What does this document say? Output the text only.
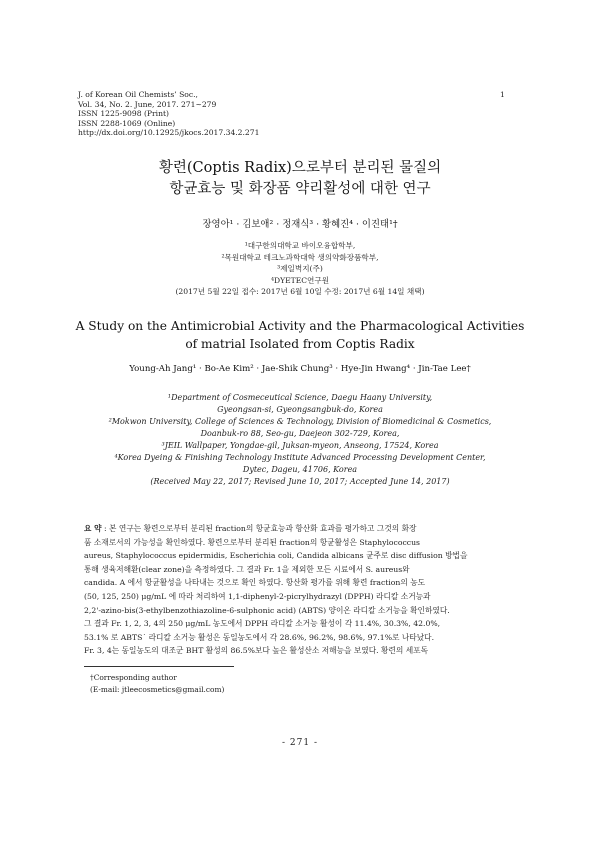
J. of Korean Oil Chemists’ Soc.,
Vol. 34, No. 2. June, 2017. 271~279
ISSN 1225-9098 (Print)
ISSN 2288-1069 (Online)
http://dx.doi.org/10.12925/jkocs.2017.34.2.271
1
황련(Coptis Radix)으로부터 분리된 물질의
항균효능 및 화장품 약리활성에 대한 연구
장영아¹ · 김보애² · 정재식³ · 황혜진⁴ · 이진태¹†
¹대구한의대학교 바이오융합학부,
²목원대학교 테크노과학대학 생의약화장품학부,
³제일벽지(주)
⁴DYETEC연구원
(2017년 5월 22일 접수: 2017년 6월 10일 수정: 2017년 6월 14일 채택)
A Study on the Antimicrobial Activity and the Pharmacological Activities
of matrial Isolated from Coptis Radix
Young-Ah Jang¹ · Bo-Ae Kim² · Jae-Shik Chung³ · Hye-Jin Hwang⁴ · Jin-Tae Lee†
¹Department of Cosmeceutical Science, Daegu Haany University,
Gyeongsan-si, Gyeongsangbuk-do, Korea
²Mokwon University, College of Sciences & Technology, Division of Biomedicinal & Cosmetics,
Doanbuk-ro 88, Seo-gu, Daejeon 302-729, Korea,
³JEIL Wallpaper, Yongdae-gil, Juksan-myeon, Anseong, 17524, Korea
⁴Korea Dyeing & Finishing Technology Institute Advanced Processing Development Center,
Dytec, Dageu, 41706, Korea
(Received May 22, 2017; Revised June 10, 2017; Accepted June 14, 2017)
요 약 : 본 연구는 황련으로부터 분리된 fraction의 항균효능과 항산화 효과를 평가하고 그것의 화장
품 소재로서의 가능성을 확인하였다. 황련으로부터 분리된 fraction의 항균활성은 Staphylococcus
aureus, Staphylococcus epidermidis, Escherichia coli, Candida albicans 균주로 disc diffusion 방법을
통해 생육저해환(clear zone)을 측정하였다. 그 결과 Fr. 1을 제외한 모든 시료에서 S. aureus와
candida. A 에서 항균활성을 나타내는 것으로 확인 하였다. 항산화 평가를 위해 황련 fraction의 농도
(50, 125, 250) μg/mL 에 따라 처리하여 1,1-diphenyl-2-picrylhydrazyl (DPPH) 라디칼 소거능과
2,2'-azino-bis(3-ethylbenzothiazoline-6-sulphonic acid) (ABTS) 양이온 라디칼 소거능을 확인하였다.
그 결과 Fr. 1, 2, 3, 4의 250 μg/mL 농도에서 DPPH 라디칼 소거능 활성이 각 11.4%, 30.3%, 42.0%,
53.1% 로 ABTS˙ 라디칼 소거능 활성은 동일농도에서 각 28.6%, 96.2%, 98.6%, 97.1%로 나타났다.
Fr. 3, 4는 동일농도의 대조군 BHT 활성의 86.5%보다 높은 활성산소 저해능을 보였다. 황련의 세포독
†Corresponding author
(E-mail: jtleecosmetics@gmail.com)
- 271 -
